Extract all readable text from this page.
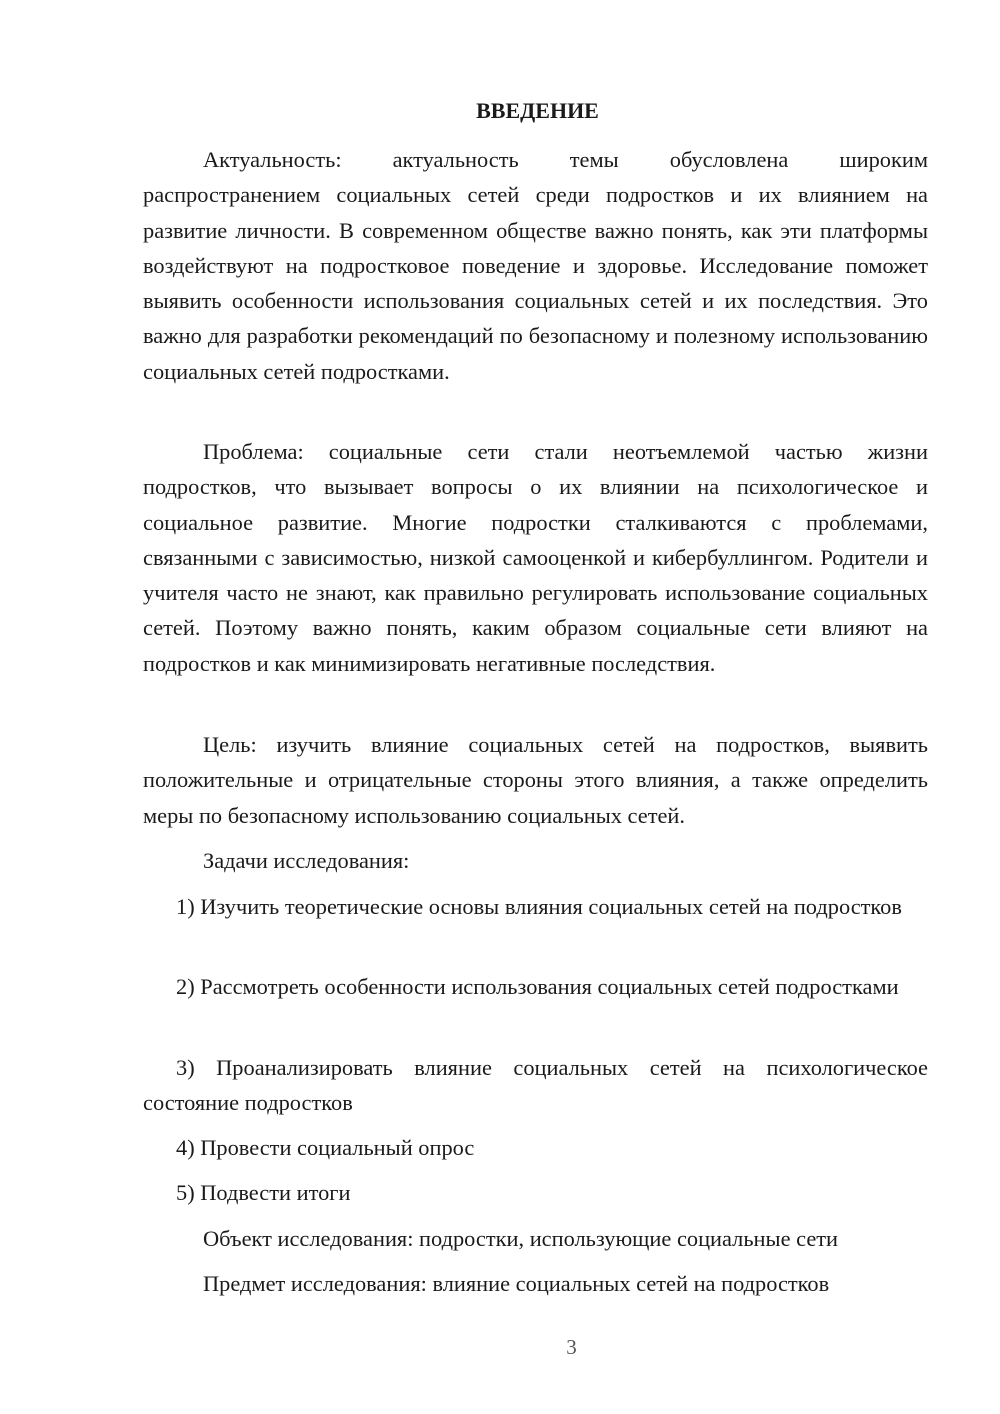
ВВЕДЕНИЕ

Актуальность: актуальность темы обусловлена широким распространением социальных сетей среди подростков и их влиянием на развитие личности. В современном обществе важно понять, как эти платформы воздействуют на подростковое поведение и здоровье. Исследование поможет выявить особенности использования социальных сетей и их последствия. Это важно для разработки рекомендаций по безопасному и полезному использованию социальных сетей подростками.

Проблема: социальные сети стали неотъемлемой частью жизни подростков, что вызывает вопросы о их влиянии на психологическое и социальное развитие. Многие подростки сталкиваются с проблемами, связанными с зависимостью, низкой самооценкой и кибербуллингом. Родители и учителя часто не знают, как правильно регулировать использование социальных сетей. Поэтому важно понять, каким образом социальные сети влияют на подростков и как минимизировать негативные последствия.

Цель: изучить влияние социальных сетей на подростков, выявить положительные и отрицательные стороны этого влияния, а также определить меры по безопасному использованию социальных сетей.

Задачи исследования:

1) Изучить теоретические основы влияния социальных сетей на подростков

2) Рассмотреть особенности использования социальных сетей подростками

3) Проанализировать влияние социальных сетей на психологическое состояние подростков

4) Провести социальный опрос

5) Подвести итоги

Объект исследования: подростки, использующие социальные сети

Предмет исследования: влияние социальных сетей на подростков

3
